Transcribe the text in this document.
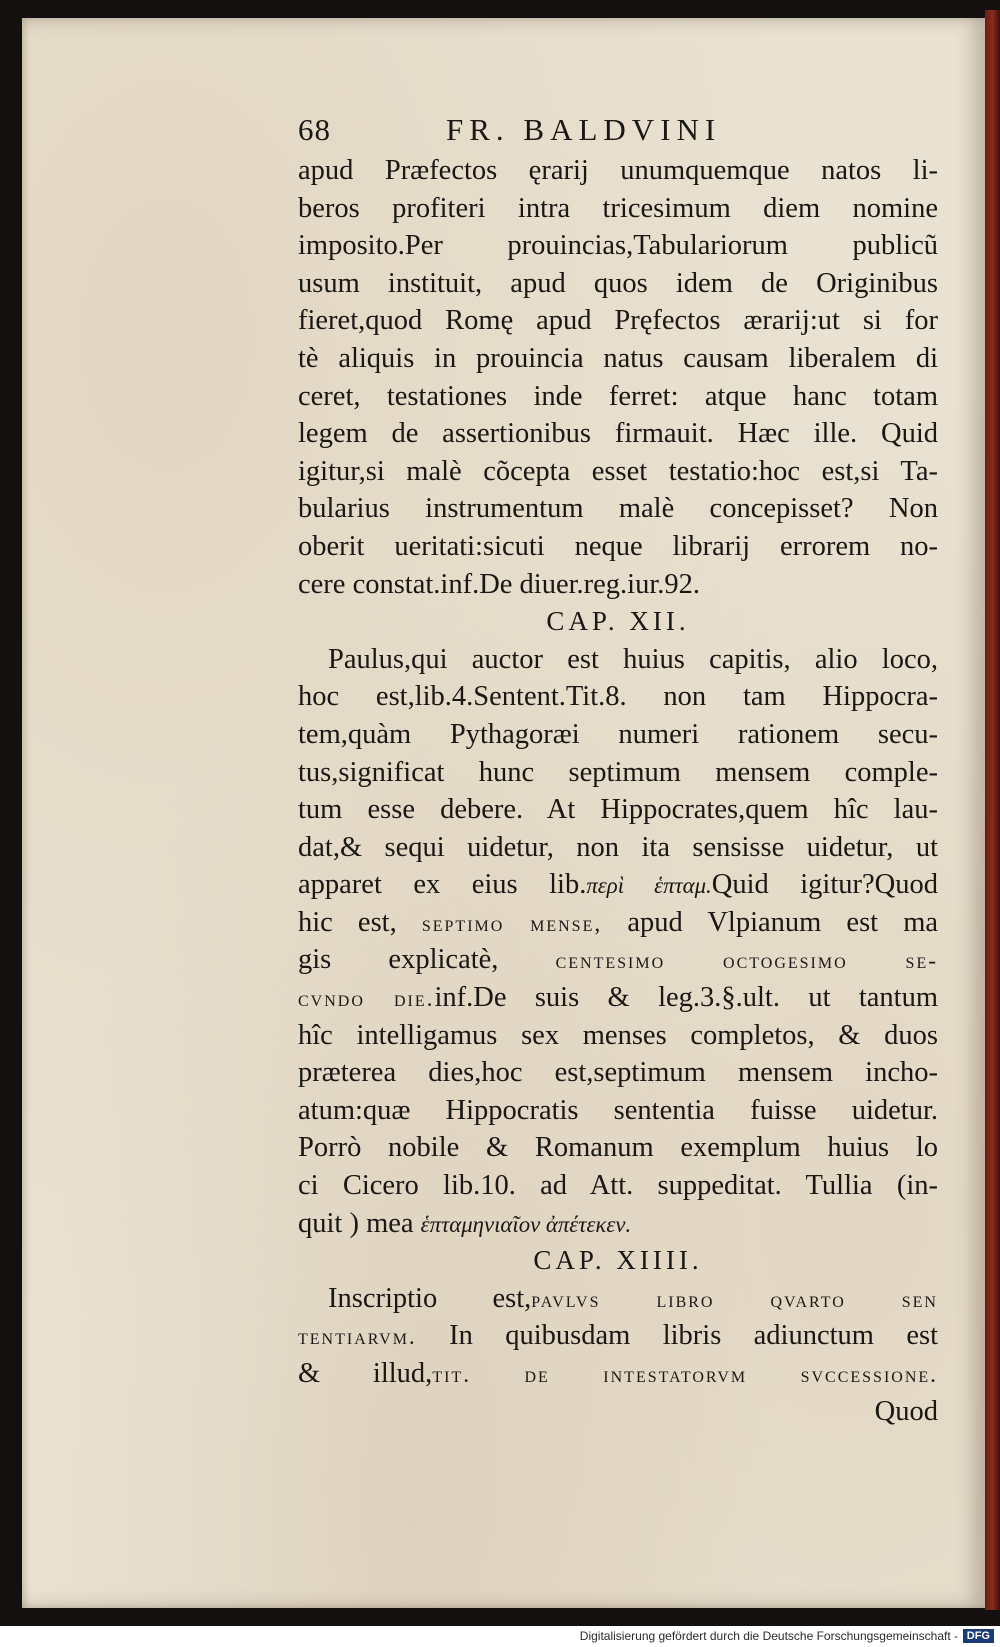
68	FR. BALDVINI
apud Præfectos ęrarij unumquemque natos li-
beros profiteri intra tricesimum diem nomine
imposito.Per prouincias,Tabulariorum publicũ
usum instituit, apud quos idem de Originibus
fieret,quod Romę apud Pręfectos ærarij:ut si for
tè aliquis in prouincia natus causam liberalem di
ceret, testationes inde ferret: atque hanc totam
legem de assertionibus firmauit. Hæc ille. Quid
igitur,si malè cõcepta esset testatio:hoc est,si Ta-
bularius instrumentum malè concepisset? Non
oberit ueritati:sicuti neque librarij errorem no-
cere constat.inf.De diuer.reg.iur.92.
CAP. XII.
Paulus,qui auctor est huius capitis, alio loco,
hoc est,lib.4.Sentent.Tit.8. non tam Hippocra-
tem,quàm Pythagoræi numeri rationem secu-
tus,significat hunc septimum mensem comple-
tum esse debere. At Hippocrates,quem hîc lau-
dat,& sequi uidetur, non ita sensisse uidetur, ut
apparet ex eius lib.περὶ ἑπταμ.Quid igitur?Quod
hic est, septimo mense, apud Vlpianum est ma
gis explicatè, centesimo octogesimo se-
cvndo die.inf.De suis & leg.3.§.ult. ut tantum
hîc intelligamus sex menses completos, & duos
præterea dies,hoc est,septimum mensem incho-
atum:quæ Hippocratis sententia fuisse uidetur.
Porrò nobile & Romanum exemplum huius lo
ci Cicero lib.10. ad Att. suppeditat. Tullia (in-
quit ) mea ἑπταμηνιαῖον ἀπέτεκεν.
CAP. XIIII.
Inscriptio est,pavlvs libro qvarto sen
tentiarvm. In quibusdam libris adiunctum est
& illud,tit. de intestatorvm svccessione.
Quod
Digitalisierung gefördert durch die Deutsche Forschungsgemeinschaft - DFG
